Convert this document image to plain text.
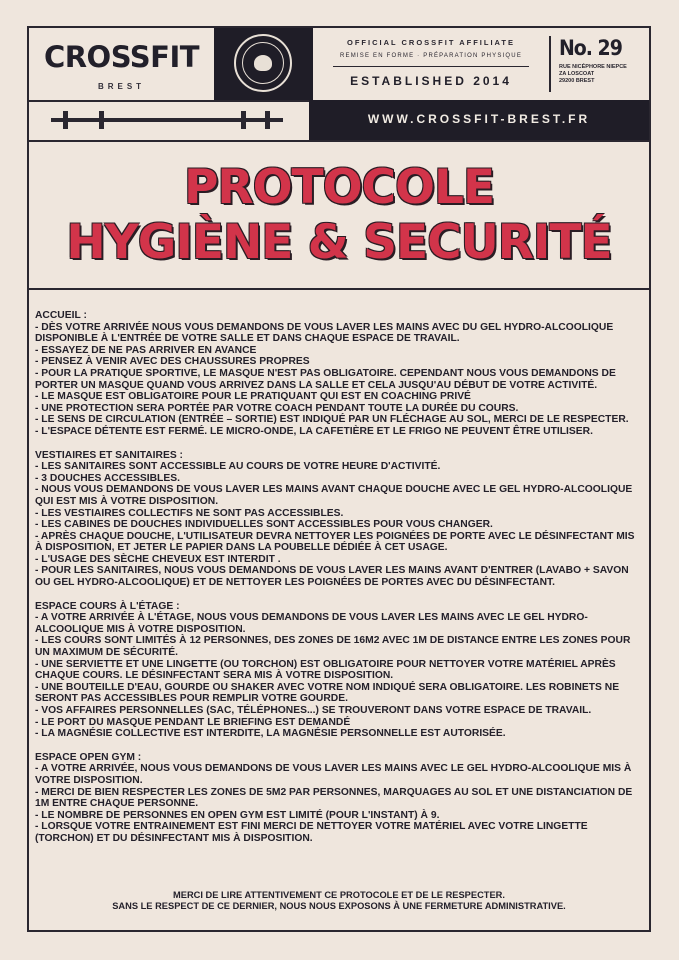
CROSSFIT
BREST
OFFICIAL CROSSFIT AFFILIATE
REMISE EN FORME · PRÉPARATION PHYSIQUE
ESTABLISHED 2014
No. 29
RUE NICÉPHORE NIEPCE
ZA LOSCOAT
29200 BREST
WWW.CROSSFIT-BREST.FR
PROTOCOLE
HYGIÈNE & SECURITÉ
ACCUEIL :
- DÈS VOTRE ARRIVÉE NOUS VOUS DEMANDONS DE VOUS LAVER LES MAINS AVEC DU GEL HYDRO-ALCOOLIQUE DISPONIBLE À L'ENTRÉE DE VOTRE SALLE ET DANS CHAQUE ESPACE DE TRAVAIL.
- ESSAYEZ DE NE PAS ARRIVER EN AVANCE
- PENSEZ À VENIR AVEC DES CHAUSSURES PROPRES
- POUR LA PRATIQUE SPORTIVE, LE MASQUE N'EST PAS OBLIGATOIRE. CEPENDANT NOUS VOUS DEMANDONS DE PORTER UN MASQUE QUAND VOUS ARRIVEZ DANS LA SALLE ET CELA JUSQU'AU DÉBUT DE VOTRE ACTIVITÉ.
- LE MASQUE EST OBLIGATOIRE POUR LE PRATIQUANT QUI EST EN COACHING PRIVÉ
- UNE PROTECTION SERA PORTÉE PAR VOTRE COACH PENDANT TOUTE LA DURÉE DU COURS.
- LE SENS DE CIRCULATION (ENTRÉE – SORTIE) EST INDIQUÉ PAR UN FLÉCHAGE AU SOL, MERCI DE LE RESPECTER.
- L'ESPACE DÉTENTE EST FERMÉ. LE MICRO-ONDE, LA CAFETIÈRE ET LE FRIGO NE PEUVENT ÊTRE UTILISER.
VESTIAIRES ET SANITAIRES :
- LES SANITAIRES SONT ACCESSIBLE AU COURS DE VOTRE HEURE D'ACTIVITÉ.
- 3 DOUCHES ACCESSIBLES.
- NOUS VOUS DEMANDONS DE VOUS LAVER LES MAINS AVANT CHAQUE DOUCHE AVEC LE GEL HYDRO-ALCOOLIQUE QUI EST MIS À VOTRE DISPOSITION.
- LES VESTIAIRES COLLECTIFS NE SONT PAS ACCESSIBLES.
- LES CABINES DE DOUCHES INDIVIDUELLES SONT ACCESSIBLES POUR VOUS CHANGER.
- APRÈS CHAQUE DOUCHE, L'UTILISATEUR DEVRA NETTOYER LES POIGNÉES DE PORTE AVEC LE DÉSINFECTANT MIS À DISPOSITION, ET JETER LE PAPIER DANS LA POUBELLE DÉDIÉE À CET USAGE.
- L'USAGE DES SÈCHE CHEVEUX EST INTERDIT .
- POUR LES SANITAIRES, NOUS VOUS DEMANDONS DE VOUS LAVER LES MAINS AVANT D'ENTRER (LAVABO + SAVON OU GEL HYDRO-ALCOOLIQUE) ET DE NETTOYER LES POIGNÉES DE PORTES AVEC DU DÉSINFECTANT.
ESPACE COURS À L'ÉTAGE :
- A VOTRE ARRIVÉE À L'ÉTAGE, NOUS VOUS DEMANDONS DE VOUS LAVER LES MAINS AVEC LE GEL HYDRO-ALCOOLIQUE MIS À VOTRE DISPOSITION.
- LES COURS SONT LIMITÉS À 12 PERSONNES, DES ZONES DE 16M2 AVEC 1M DE DISTANCE ENTRE LES ZONES POUR UN MAXIMUM DE SÉCURITÉ.
- UNE SERVIETTE ET UNE LINGETTE (OU TORCHON) EST OBLIGATOIRE POUR NETTOYER VOTRE MATÉRIEL APRÈS CHAQUE COURS. LE DÉSINFECTANT SERA MIS À VOTRE DISPOSITION.
- UNE BOUTEILLE D'EAU, GOURDE OU SHAKER AVEC VOTRE NOM INDIQUÉ SERA OBLIGATOIRE. LES ROBINETS NE SERONT PAS ACCESSIBLES POUR REMPLIR VOTRE GOURDE.
- VOS AFFAIRES PERSONNELLES (SAC, TÉLÉPHONES...) SE TROUVERONT DANS VOTRE ESPACE DE TRAVAIL.
- LE PORT DU MASQUE PENDANT LE BRIEFING EST DEMANDÉ
- LA MAGNÉSIE COLLECTIVE EST INTERDITE, LA MAGNÉSIE PERSONNELLE EST AUTORISÉE.
ESPACE OPEN GYM :
- A VOTRE ARRIVÉE, NOUS VOUS DEMANDONS DE VOUS LAVER LES MAINS AVEC LE GEL HYDRO-ALCOOLIQUE MIS À VOTRE DISPOSITION.
- MERCI DE BIEN RESPECTER LES ZONES DE 5M2 PAR PERSONNES, MARQUAGES AU SOL ET UNE DISTANCIATION DE 1M ENTRE CHAQUE PERSONNE.
- LE NOMBRE DE PERSONNES EN OPEN GYM EST LIMITÉ (POUR L'INSTANT) À 9.
- LORSQUE VOTRE ENTRAINEMENT EST FINI MERCI DE NETTOYER VOTRE MATÉRIEL AVEC VOTRE LINGETTE (TORCHON) ET DU DÉSINFECTANT MIS À DISPOSITION.
MERCI DE LIRE ATTENTIVEMENT CE PROTOCOLE ET DE LE RESPECTER.
SANS LE RESPECT DE CE DERNIER, NOUS NOUS EXPOSONS À UNE FERMETURE ADMINISTRATIVE.
